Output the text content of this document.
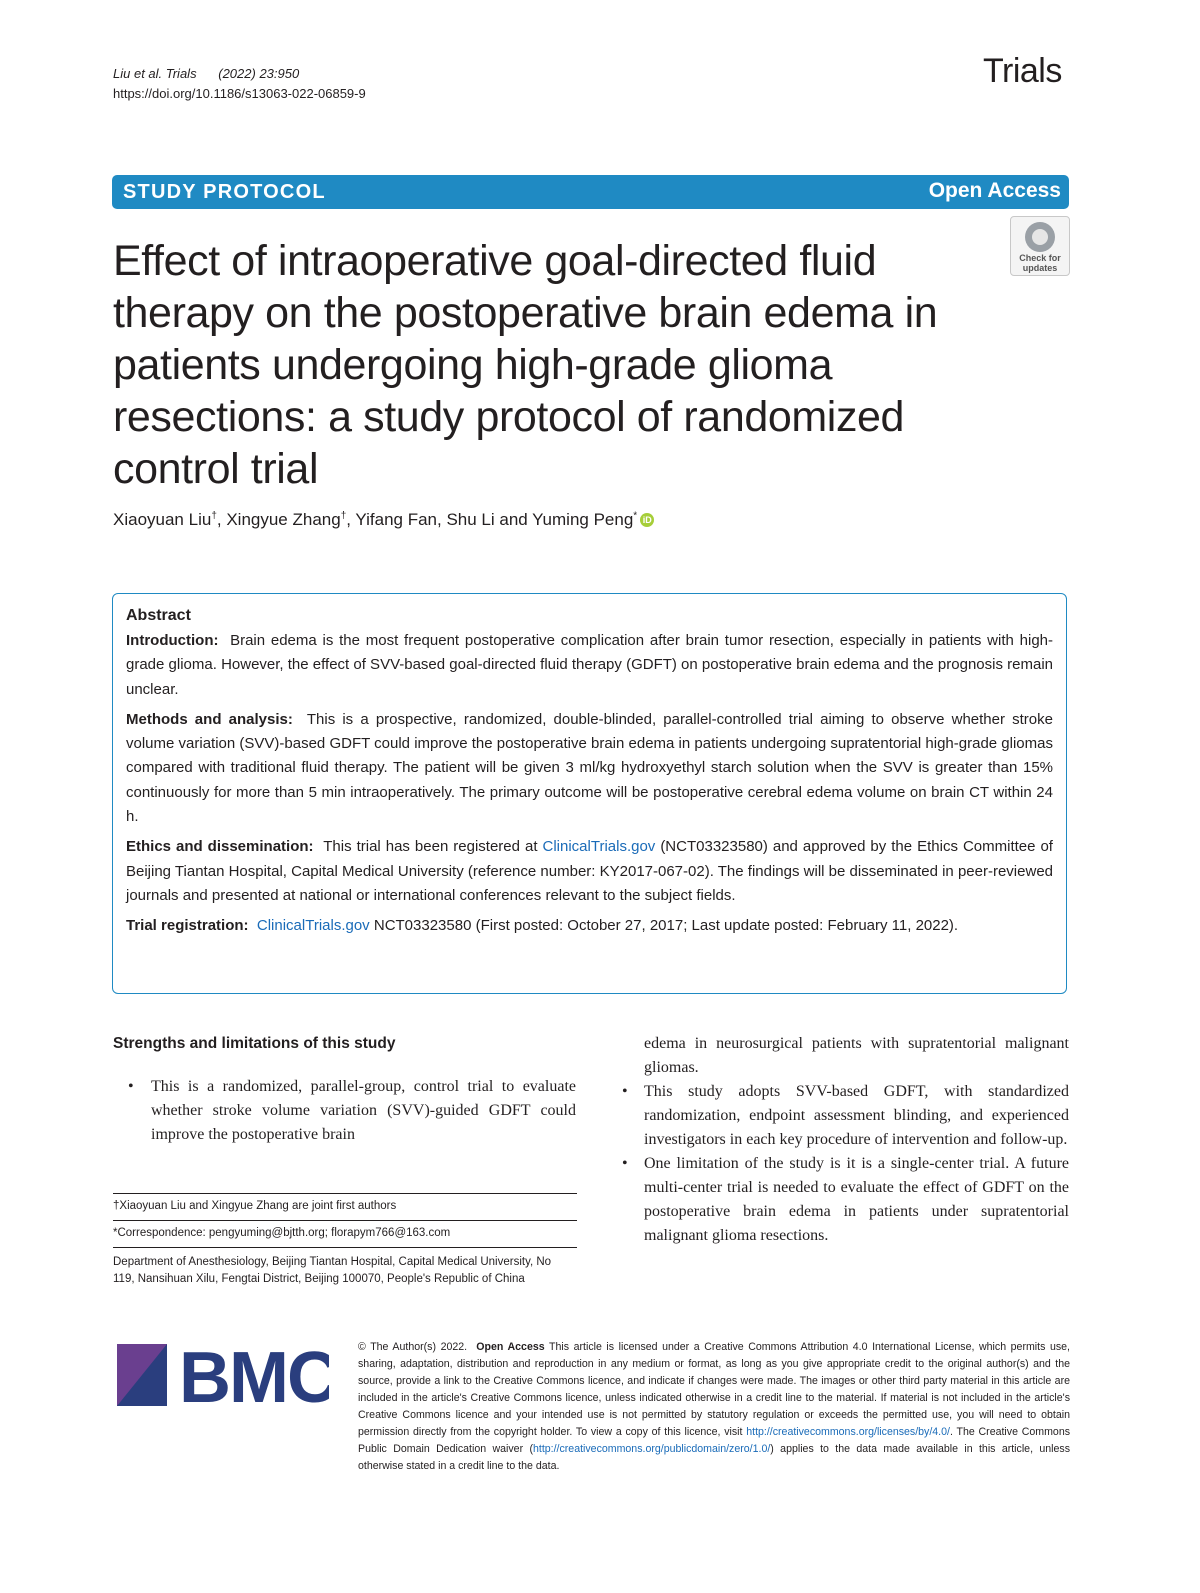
Liu et al. Trials (2022) 23:950
https://doi.org/10.1186/s13063-022-06859-9
Trials
STUDY PROTOCOL	Open Access
Check for
updates
Effect of intraoperative goal-directed fluid therapy on the postoperative brain edema in patients undergoing high-grade glioma resections: a study protocol of randomized control trial
Xiaoyuan Liu†, Xingyue Zhang†, Yifang Fan, Shu Li and Yuming Peng* iD
Abstract

Introduction: Brain edema is the most frequent postoperative complication after brain tumor resection, especially in patients with high-grade glioma. However, the effect of SVV-based goal-directed fluid therapy (GDFT) on postoperative brain edema and the prognosis remain unclear.

Methods and analysis: This is a prospective, randomized, double-blinded, parallel-controlled trial aiming to observe whether stroke volume variation (SVV)-based GDFT could improve the postoperative brain edema in patients undergoing supratentorial high-grade gliomas compared with traditional fluid therapy. The patient will be given 3 ml/kg hydroxyethyl starch solution when the SVV is greater than 15% continuously for more than 5 min intraoperatively. The primary outcome will be postoperative cerebral edema volume on brain CT within 24 h.

Ethics and dissemination: This trial has been registered at ClinicalTrials.gov (NCT03323580) and approved by the Ethics Committee of Beijing Tiantan Hospital, Capital Medical University (reference number: KY2017-067-02). The findings will be disseminated in peer-reviewed journals and presented at national or international conferences relevant to the subject fields.

Trial registration: ClinicalTrials.gov NCT03323580 (First posted: October 27, 2017; Last update posted: February 11, 2022).

Strengths and limitations of this study
• This is a randomized, parallel-group, control trial to evaluate whether stroke volume variation (SVV)-guided GDFT could improve the postoperative brain
†Xiaoyuan Liu and Xingyue Zhang are joint first authors
*Correspondence: pengyuming@bjtth.org; florapym766@163.com
Department of Anesthesiology, Beijing Tiantan Hospital, Capital Medical University, No 119, Nansihuan Xilu, Fengtai District, Beijing 100070, People's Republic of China
edema in neurosurgical patients with supratentorial malignant gliomas.
• This study adopts SVV-based GDFT, with standardized randomization, endpoint assessment blinding, and experienced investigators in each key procedure of intervention and follow-up.
• One limitation of the study is it is a single-center trial. A future multi-center trial is needed to evaluate the effect of GDFT on the postoperative brain edema in patients under supratentorial malignant glioma resections.
BMC © The Author(s) 2022. Open Access This article is licensed under a Creative Commons Attribution 4.0 International License, which permits use, sharing, adaptation, distribution and reproduction in any medium or format, as long as you give appropriate credit to the original author(s) and the source, provide a link to the Creative Commons licence, and indicate if changes were made. The images or other third party material in this article are included in the article's Creative Commons licence, unless indicated otherwise in a credit line to the material. If material is not included in the article's Creative Commons licence and your intended use is not permitted by statutory regulation or exceeds the permitted use, you will need to obtain permission directly from the copyright holder. To view a copy of this licence, visit http://creativecommons.org/licenses/by/4.0/. The Creative Commons Public Domain Dedication waiver (http://creativecommons.org/publicdomain/zero/1.0/) applies to the data made available in this article, unless otherwise stated in a credit line to the data.
